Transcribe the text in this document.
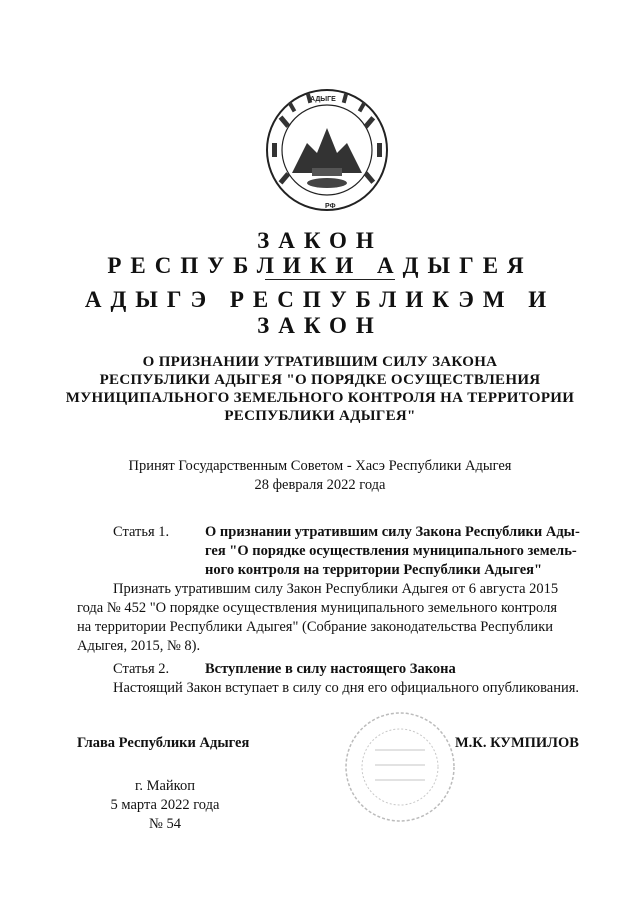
АДЫГЕ
РФ
ЗАКОН
РЕСПУБЛИКИ АДЫГЕЯ
АДЫГЭ РЕСПУБЛИКЭМ И
ЗАКОН
О ПРИЗНАНИИ УТРАТИВШИМ СИЛУ ЗАКОНА
РЕСПУБЛИКИ АДЫГЕЯ "О ПОРЯДКЕ ОСУЩЕСТВЛЕНИЯ
МУНИЦИПАЛЬНОГО ЗЕМЕЛЬНОГО КОНТРОЛЯ НА ТЕРРИТОРИИ
РЕСПУБЛИКИ АДЫГЕЯ"
Принят Государственным Советом - Хасэ Республики Адыгея
28 февраля 2022 года
Статья 1. О признании утратившим силу Закона Республики Ады-
гея "О порядке осуществления муниципального земель-
ного контроля на территории Республики Адыгея"
Признать утратившим силу Закон Республики Адыгея от 6 августа 2015
года № 452 "О порядке осуществления муниципального земельного контроля
на территории Республики Адыгея" (Собрание законодательства Республики
Адыгея, 2015, № 8).
Статья 2. Вступление в силу настоящего Закона
Настоящий Закон вступает в силу со дня его официального опубликования.
Глава Республики Адыгея	М.К. КУМПИЛОВ
г. Майкоп
5 марта 2022 года
№ 54
